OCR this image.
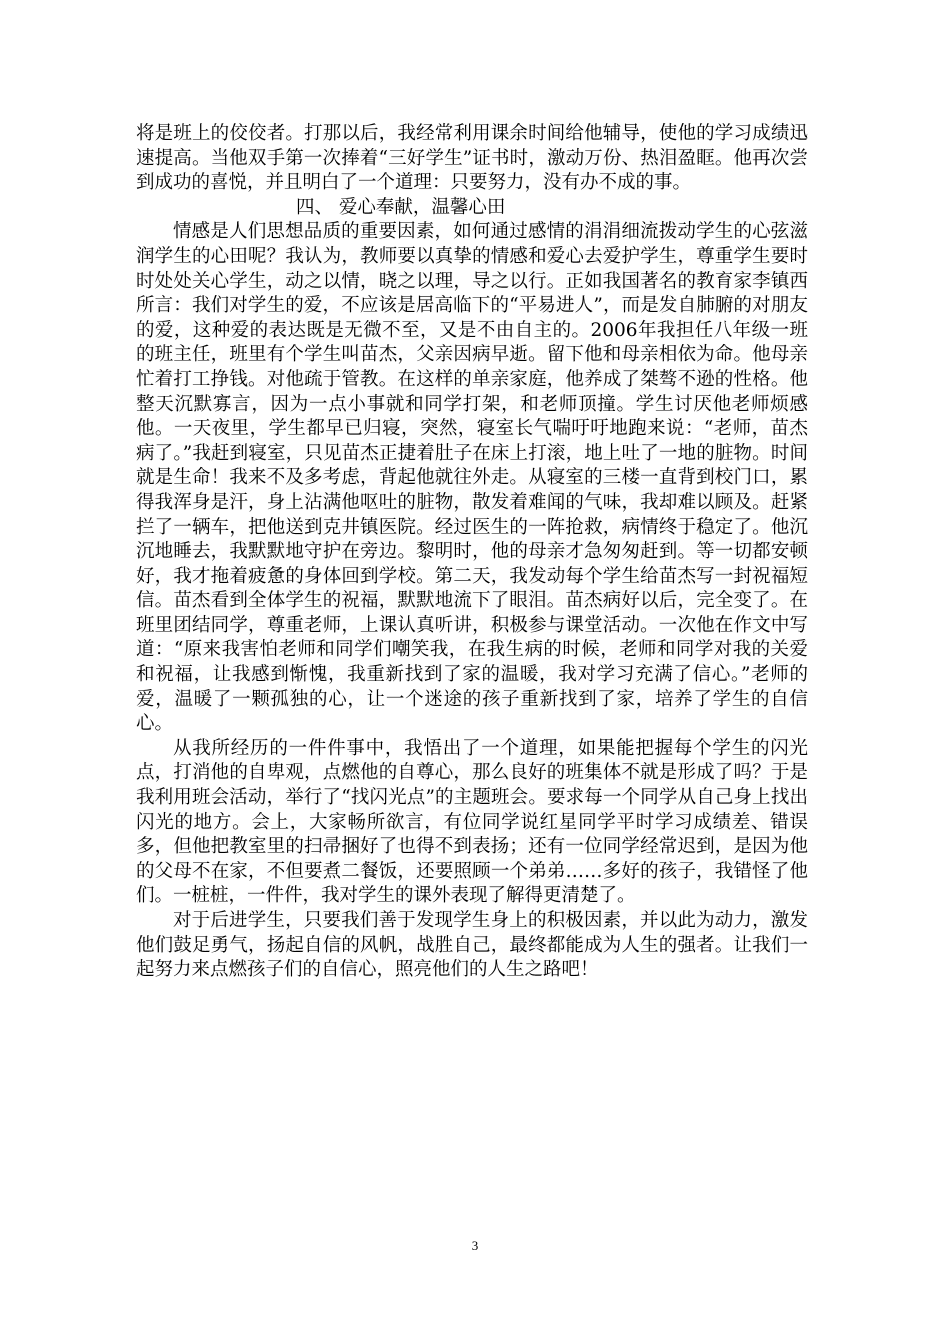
将是班上的佼佼者。打那以后，我经常利用课余时间给他辅导，使他的学习成绩迅速提高。当他双手第一次捧着“三好学生”证书时，激动万份、热泪盈眶。他再次尝到成功的喜悦，并且明白了一个道理：只要努力，没有办不成的事。

四、 爱心奉献，温馨心田

情感是人们思想品质的重要因素，如何通过感情的涓涓细流拨动学生的心弦滋润学生的心田呢？我认为，教师要以真挚的情感和爱心去爱护学生，尊重学生要时时处处关心学生，动之以情，晓之以理，导之以行。正如我国著名的教育家李镇西所言：我们对学生的爱，不应该是居高临下的“平易进人”，而是发自肺腑的对朋友的爱，这种爱的表达既是无微不至，又是不由自主的。2006年我担任八年级一班的班主任，班里有个学生叫苗杰，父亲因病早逝。留下他和母亲相依为命。他母亲忙着打工挣钱。对他疏于管教。在这样的单亲家庭，他养成了桀骜不逊的性格。他整天沉默寡言，因为一点小事就和同学打架，和老师顶撞。学生讨厌他老师烦感他。一天夜里，学生都早已归寝，突然，寝室长气喘吁吁地跑来说：“老师，苗杰病了。”我赶到寝室，只见苗杰正捷着肚子在床上打滚，地上吐了一地的脏物。时间就是生命！我来不及多考虑，背起他就往外走。从寝室的三楼一直背到校门口，累得我浑身是汗，身上沾满他呕吐的脏物，散发着难闻的气味，我却难以顾及。赶紧拦了一辆车，把他送到克井镇医院。经过医生的一阵抢救，病情终于稳定了。他沉沉地睡去，我默默地守护在旁边。黎明时，他的母亲才急匆匆赶到。等一切都安顿好，我才拖着疲惫的身体回到学校。第二天，我发动每个学生给苗杰写一封祝福短信。苗杰看到全体学生的祝福，默默地流下了眼泪。苗杰病好以后，完全变了。在班里团结同学，尊重老师，上课认真听讲，积极参与课堂活动。一次他在作文中写道：“原来我害怕老师和同学们嘲笑我，在我生病的时候，老师和同学对我的关爱和祝福，让我感到惭愧，我重新找到了家的温暖，我对学习充满了信心。”老师的爱，温暖了一颗孤独的心，让一个迷途的孩子重新找到了家，培养了学生的自信心。

从我所经历的一件件事中，我悟出了一个道理，如果能把握每个学生的闪光点，打消他的自卑观，点燃他的自尊心，那么良好的班集体不就是形成了吗？于是我利用班会活动，举行了“找闪光点”的主题班会。要求每一个同学从自己身上找出闪光的地方。会上，大家畅所欲言，有位同学说红星同学平时学习成绩差、错误多，但他把教室里的扫帚捆好了也得不到表扬；还有一位同学经常迟到，是因为他的父母不在家，不但要煮二餐饭，还要照顾一个弟弟……多好的孩子，我错怪了他们。一桩桩，一件件，我对学生的课外表现了解得更清楚了。

对于后进学生，只要我们善于发现学生身上的积极因素，并以此为动力，激发他们鼓足勇气，扬起自信的风帆，战胜自己，最终都能成为人生的强者。让我们一起努力来点燃孩子们的自信心，照亮他们的人生之路吧！

3
